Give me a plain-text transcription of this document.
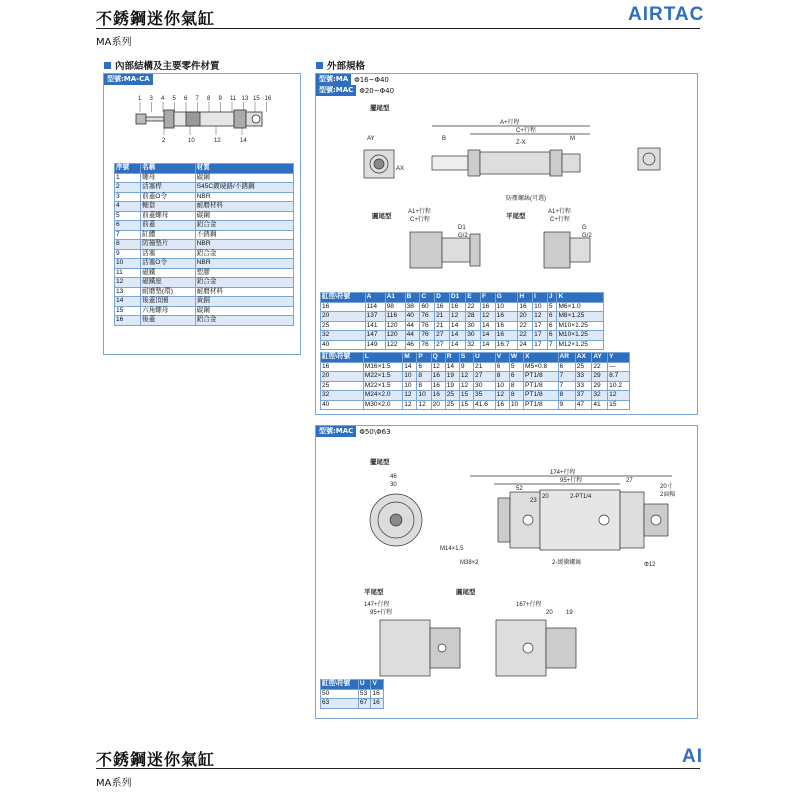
不銹鋼迷你氣缸
MA系列
AIRTAC
內部結構及主要零件材質
型號:MA-CA
1 3 4 5 6 7 8 9 11 13 15 16
2	10	12	14
序號	名稱	材質
1	螺母	碳鋼
2	活塞桿	S45C鍍硬鉻/不銹鋼
3	前蓋O令	NBR
4	軸套	耐磨材料
5	前蓋螺母	碳鋼
6	前蓋	鋁合金
7	缸體	不銹鋼
8	防撞墊片	NBR
9	活塞	鋁合金
10	活塞O令	NBR
11	磁鐵	塑膠
12	磁鐵座	鋁合金
13	耐磨墊(環)	耐磨材料
14	後蓋頂圈	黃銅
15	六角螺母	碳鋼
16	後蓋	鋁合金
外部規格
型號:MA Φ16~Φ40
型號:MAC Φ20~Φ40
擺尾型
A+行程
C+行程
B	M
AY
AX
防塵螺絲(可選)
Z-X
圓尾型
A1+行程
C+行程
D1
G/2
平尾型
A1+行程
C+行程
G
G/2
缸徑\符號	A	A1	B	C	D	D1	E	F	G	H	I	J	K
16	114	98	38	60	16	16	22	16	10	16	10	5	M6×1.0
20	137	116	40	76	21	12	28	12	16	20	12	6	M8×1.25
25	141	120	44	76	21	14	30	14	16	22	17	6	M10×1.25
32	147	120	44	76	27	14	30	14	16	22	17	6	M10×1.25
40	149	122	46	76	27	14	32	14	16.7	24	17	7	M12×1.25
缸徑\符號	L	M	P	Q	R	S	U	V	W	X	AR	AX	AY	Y
16	M16×1.5	14	6	12	14	9	21	6	5	M5×0.8	6	25	22	—
20	M22×1.5	10	8	16	19	12	27	8	6	PT1/8	7	33	29	8.7
25	M22×1.5	10	8	16	19	12	30	10	8	PT1/8	7	33	29	10.2
32	M24×2.0	12	10	16	25	15	35	12	8	PT1/8	8	37	32	12
40	M30×2.0	12	12	20	25	15	41.6	16	10	PT1/8	9	47	41	15
型號:MAC Φ50\Φ63
擺尾型
174+行程
95+行程
52
20
23
27
2-PT1/4
20寸
2面幅
Φ12
M14×1.5
M38×2	2-緩衝螺絲
46
30
平尾型	圓尾型
147+行程
95+行程
167+行程
20 19
缸徑\符號	U	V
50	53	16
63	67	16
不銹鋼迷你氣缸
MA系列
AI
